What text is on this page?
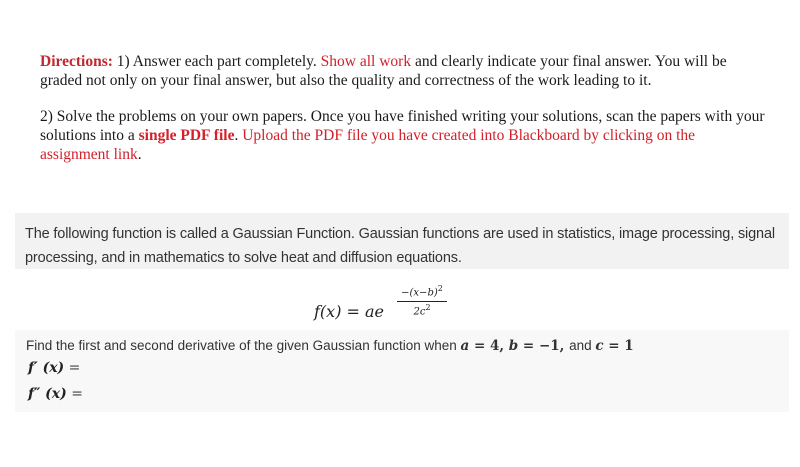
Directions: 1) Answer each part completely. Show all work and clearly indicate your final answer. You will be graded not only on your final answer, but also the quality and correctness of the work leading to it.

2) Solve the problems on your own papers. Once you have finished writing your solutions, scan the papers with your solutions into a single PDF file. Upload the PDF file you have created into Blackboard by clicking on the assignment link.

The following function is called a Gaussian Function. Gaussian functions are used in statistics, image processing, signal processing, and in mathematics to solve heat and diffusion equations.
f(x) = ae $\frac{-(x-b)^2}{2c^2}$
Find the first and second derivative of the given Gaussian function when a = 4, b = −1, and c = 1
f′ (x) =
f″ (x) =
